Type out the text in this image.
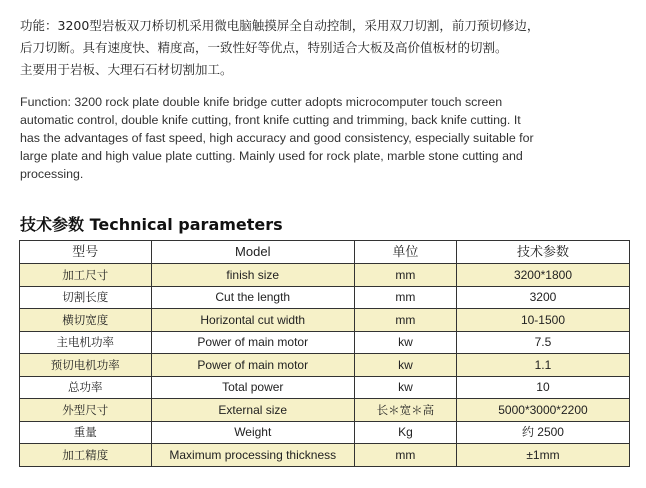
功能：3200型岩板双刀桥切机采用微电脑触摸屏全自动控制，采用双刀切割，前刀预切修边，
后刀切断。具有速度快、精度高，一致性好等优点，特别适合大板及高价值板材的切割。
主要用于岩板、大理石石材切割加工。
Function: 3200 rock plate double knife bridge cutter adopts microcomputer touch screen
automatic control, double knife cutting, front knife cutting and trimming, back knife cutting. It
has the advantages of fast speed, high accuracy and good consistency, especially suitable for
large plate and high value plate cutting. Mainly used for rock plate, marble stone cutting and
processing.
技术参数 Technical parameters
型号	Model	单位	技术参数
加工尺寸	finish size	mm	3200*1800
切割长度	Cut the length	mm	3200
横切宽度	Horizontal cut width	mm	10-1500
主电机功率	Power of main motor	kw	7.5
预切电机功率	Power of main motor	kw	1.1
总功率	Total power	kw	10
外型尺寸	External size	长＊宽＊高	5000*3000*2200
重量	Weight	Kg	约 2500
加工精度	Maximum processing thickness	mm	±1mm
